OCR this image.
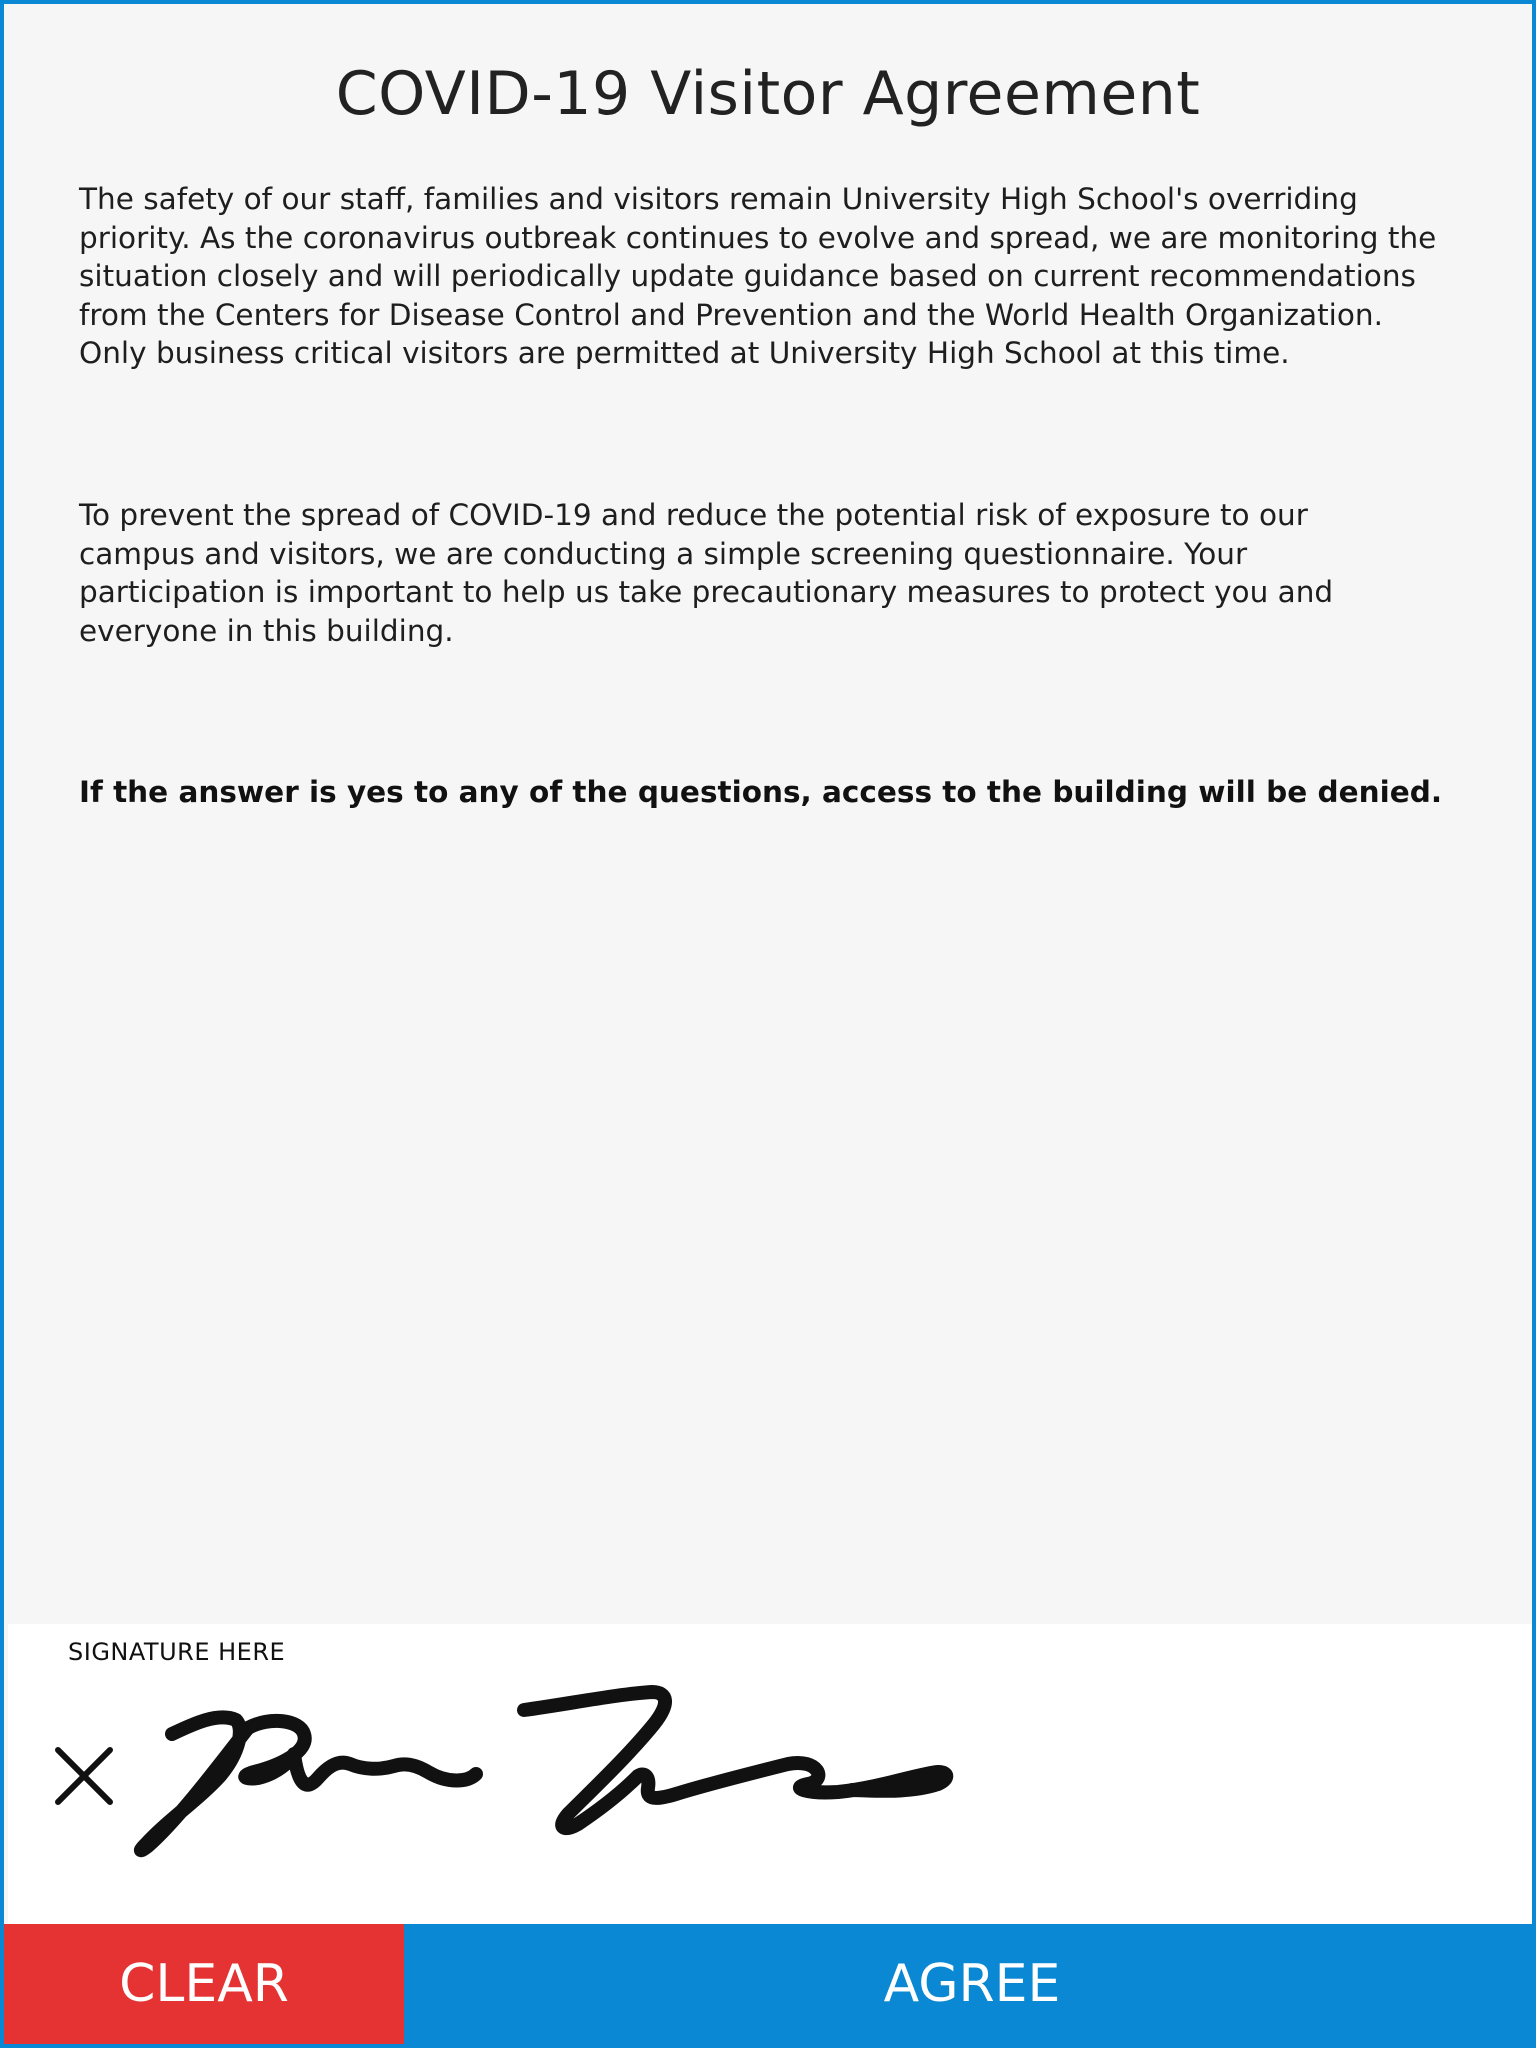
COVID-19 Visitor Agreement

The safety of our staff, families and visitors remain University High School's overriding
priority. As the coronavirus outbreak continues to evolve and spread, we are monitoring the
situation closely and will periodically update guidance based on current recommendations
from the Centers for Disease Control and Prevention and the World Health Organization.
Only business critical visitors are permitted at University High School at this time.

To prevent the spread of COVID-19 and reduce the potential risk of exposure to our
campus and visitors, we are conducting a simple screening questionnaire. Your
participation is important to help us take precautionary measures to protect you and
everyone in this building.

If the answer is yes to any of the questions, access to the building will be denied.

SIGNATURE HERE
CLEAR	AGREE
